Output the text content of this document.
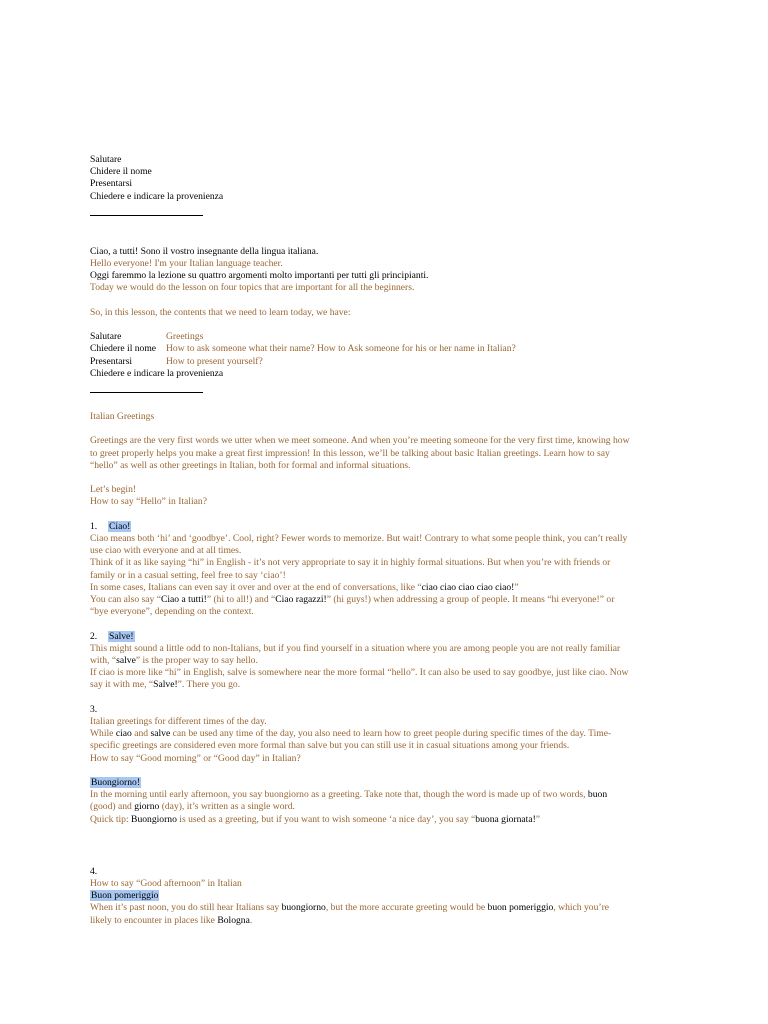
Salutare
Chidere il nome
Presentarsi
Chiedere e indicare la provenienza
Ciao, a tutti! Sono il vostro insegnante della lingua italiana.
Hello everyone! I'm your Italian language teacher.
Oggi faremmo la lezione su quattro argomenti molto importanti per tutti gli principianti.
Today we would do the lesson on four topics that are important for all the beginners.
So, in this lesson, the contents that we need to learn today, we have:
Salutare	Greetings
Chiedere il nome	How to ask someone what their name? How to Ask someone for his or her name in Italian?
Presentarsi	How to present yourself?
Chiedere e indicare la provenienza
Italian Greetings
Greetings are the very first words we utter when we meet someone. And when you’re meeting someone for the very first time, knowing how
to greet properly helps you make a great first impression! In this lesson, we’ll be talking about basic Italian greetings. Learn how to say
“hello” as well as other greetings in Italian, both for formal and informal situations.
Let’s begin!
How to say “Hello” in Italian?
1. Ciao!
Ciao means both ‘hi’ and ‘goodbye’. Cool, right? Fewer words to memorize. But wait! Contrary to what some people think, you can’t really
use ciao with everyone and at all times.
Think of it as like saying “hi” in English - it’s not very appropriate to say it in highly formal situations. But when you’re with friends or
family or in a casual setting, feel free to say ‘ciao’!
In some cases, Italians can even say it over and over at the end of conversations, like “ciao ciao ciao ciao ciao!”
You can also say “Ciao a tutti!” (hi to all!) and “Ciao ragazzi!” (hi guys!) when addressing a group of people. It means “hi everyone!” or
“bye everyone”, depending on the context.
2. Salve!
This might sound a little odd to non-Italians, but if you find yourself in a situation where you are among people you are not really familiar
with, “salve” is the proper way to say hello.
If ciao is more like “hi” in English, salve is somewhere near the more formal “hello”. It can also be used to say goodbye, just like ciao. Now
say it with me, “Salve!”. There you go.
3.
Italian greetings for different times of the day.
While ciao and salve can be used any time of the day, you also need to learn how to greet people during specific times of the day. Time-
specific greetings are considered even more formal than salve but you can still use it in casual situations among your friends.
How to say “Good morning” or “Good day” in Italian?
Buongiorno!
In the morning until early afternoon, you say buongiorno as a greeting. Take note that, though the word is made up of two words, buon
(good) and giorno (day), it’s written as a single word.
Quick tip: Buongiorno is used as a greeting, but if you want to wish someone ‘a nice day’, you say “buona giornata!”
4.
How to say “Good afternoon” in Italian
Buon pomeriggio
When it’s past noon, you do still hear Italians say buongiorno, but the more accurate greeting would be buon pomeriggio, which you’re
likely to encounter in places like Bologna.
